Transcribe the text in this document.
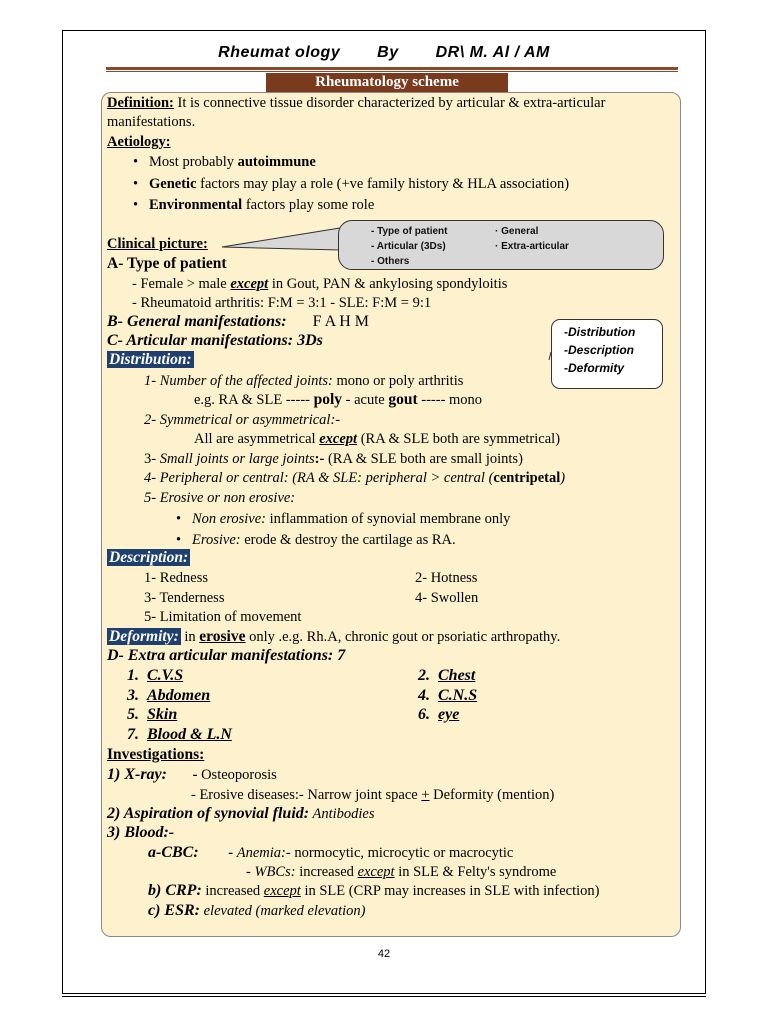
Rheumat ology By DR\ M. Al / AM
Rheumatology scheme
- Type of patient	· General
- Articular (3Ds)	· Extra-articular
- Others
-Distribution
-Description
-Deformity
Definition: It is connective tissue disorder characterized by articular & extra-articular
manifestations.
Aetiology:
• Most probably autoimmune
• Genetic factors may play a role (+ve family history & HLA association)
• Environmental factors play some role
Clinical picture:
A- Type of patient
- Female > male except in Gout, PAN & ankylosing spondyloitis
- Rheumatoid arthritis: F:M = 3:1 - SLE: F:M = 9:1
B- General manifestations: F A H M
C- Articular manifestations: 3Ds
Distribution:
1- Number of the affected joints: mono or poly arthritis
e.g. RA & SLE ----- poly - acute gout ----- mono
2- Symmetrical or asymmetrical:-
All are asymmetrical except (RA & SLE both are symmetrical)
3- Small joints or large joints:- (RA & SLE both are small joints)
4- Peripheral or central: (RA & SLE: peripheral > central (centripetal)
5- Erosive or non erosive:
• Non erosive: inflammation of synovial membrane only
• Erosive: erode & destroy the cartilage as RA.
Description:
1- Redness	2- Hotness
3- Tenderness	4- Swollen
5- Limitation of movement
Deformity: in erosive only .e.g. Rh.A, chronic gout or psoriatic arthropathy.
D- Extra articular manifestations: 7
1. C.V.S	2. Chest
3. Abdomen	4. C.N.S
5. Skin	6. eye
7. Blood & L.N
Investigations:
1) X-ray: - Osteoporosis
- Erosive diseases:- Narrow joint space + Deformity (mention)
2) Aspiration of synovial fluid: Antibodies
3) Blood:-
a-CBC: - Anemia:- normocytic, microcytic or macrocytic
- WBCs: increased except in SLE & Felty's syndrome
b) CRP: increased except in SLE (CRP may increases in SLE with infection)
c) ESR: elevated (marked elevation)
42
